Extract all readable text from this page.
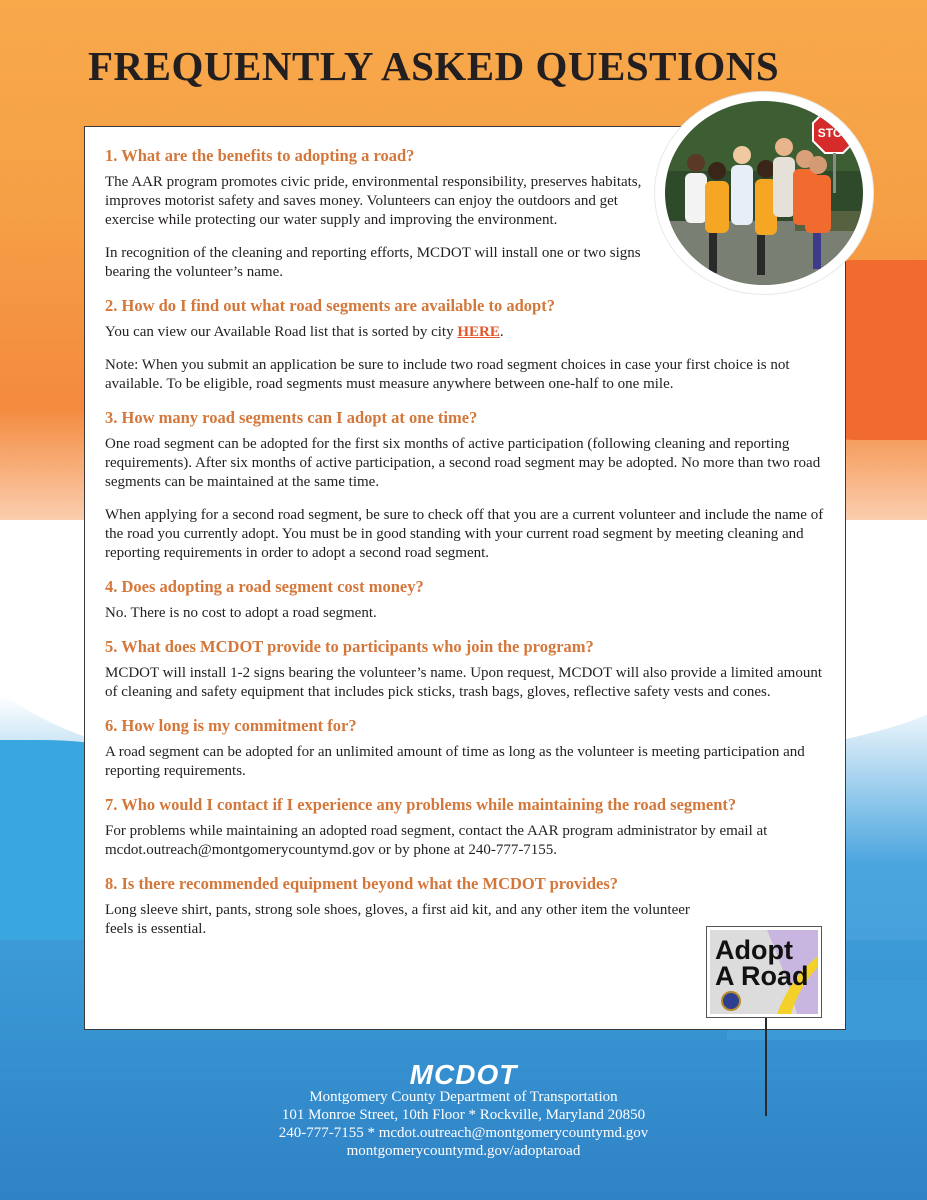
FREQUENTLY ASKED QUESTIONS
1. What are the benefits to adopting a road?
The AAR program promotes civic pride, environmental responsibility, preserves habitats, improves motorist safety and saves money. Volunteers can enjoy the outdoors and get exercise while protecting our water supply and improving the environment.
In recognition of the cleaning and reporting efforts, MCDOT will install one or two signs bearing the volunteer’s name.
2. How do I find out what road segments are available to adopt?
You can view our Available Road list that is sorted by city HERE.
Note: When you submit an application be sure to include two road segment choices in case your first choice is not available. To be eligible, road segments must measure anywhere between one-half to one mile.
3. How many road segments can I adopt at one time?
One road segment can be adopted for the first six months of active participation (following cleaning and reporting requirements). After six months of active participation, a second road segment may be adopted. No more than two road segments can be maintained at the same time.
When applying for a second road segment, be sure to check off that you are a current volunteer and include the name of the road you currently adopt. You must be in good standing with your current road segment by meeting cleaning and reporting requirements in order to adopt a second road segment.
4. Does adopting a road segment cost money?
No. There is no cost to adopt a road segment.
5. What does MCDOT provide to participants who join the program?
MCDOT will install 1-2 signs bearing the volunteer’s name. Upon request, MCDOT will also provide a limited amount of cleaning and safety equipment that includes pick sticks, trash bags, gloves, reflective safety vests and cones.
6. How long is my commitment for?
A road segment can be adopted for an unlimited amount of time as long as the volunteer is meeting participation and reporting requirements.
7. Who would I contact if I experience any problems while maintaining the road segment?
For problems while maintaining an adopted road segment, contact the AAR program administrator by email at mcdot.outreach@montgomerycountymd.gov or by phone at 240-777-7155.
8. Is there recommended equipment beyond what the MCDOT provides?
Long sleeve shirt, pants, strong sole shoes, gloves, a first aid kit, and any other item the volunteer feels is essential.
STOP
Adopt
A Road
MCDOT
Montgomery County Department of Transportation
101 Monroe Street, 10th Floor * Rockville, Maryland 20850
240-777-7155 * mcdot.outreach@montgomerycountymd.gov
montgomerycountymd.gov/adoptaroad
